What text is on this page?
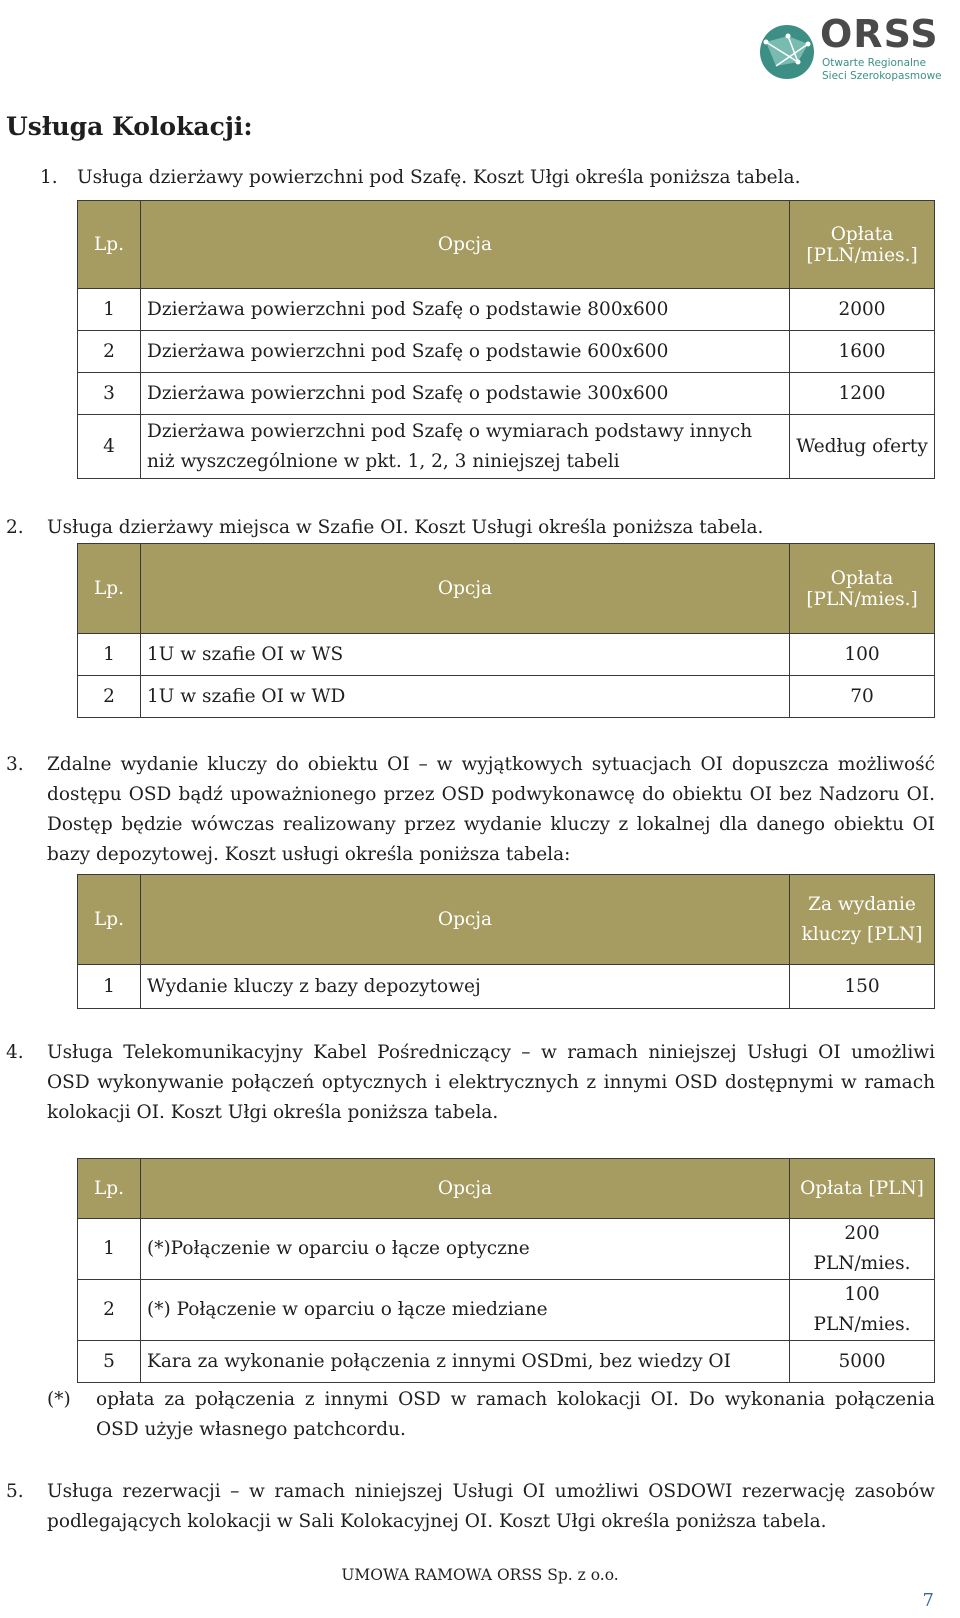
ORSS
Otwarte Regionalne
Sieci Szerokopasmowe
Usługa Kolokacji:
1. Usługa dzierżawy powierzchni pod Szafę. Koszt Ułgi określa poniższa tabela.
Lp.	Opcja	Opłata [PLN/mies.]
1	Dzierżawa powierzchni pod Szafę o podstawie 800x600	2000
2	Dzierżawa powierzchni pod Szafę o podstawie 600x600	1600
3	Dzierżawa powierzchni pod Szafę o podstawie 300x600	1200
4	Dzierżawa powierzchni pod Szafę o wymiarach podstawy innych niż wyszczególnione w pkt. 1, 2, 3 niniejszej tabeli	Według oferty
2. Usługa dzierżawy miejsca w Szafie OI. Koszt Usługi określa poniższa tabela.
Lp.	Opcja	Opłata [PLN/mies.]
1	1U w szafie OI w WS	100
2	1U w szafie OI w WD	70
3. Zdalne wydanie kluczy do obiektu OI – w wyjątkowych sytuacjach OI dopuszcza możliwość dostępu OSD bądź upoważnionego przez OSD podwykonawcę do obiektu OI bez Nadzoru OI. Dostęp będzie wówczas realizowany przez wydanie kluczy z lokalnej dla danego obiektu OI bazy depozytowej. Koszt usługi określa poniższa tabela:
Lp.	Opcja	Za wydanie kluczy [PLN]
1	Wydanie kluczy z bazy depozytowej	150
4. Usługa Telekomunikacyjny Kabel Pośredniczący – w ramach niniejszej Usługi OI umożliwi OSD wykonywanie połączeń optycznych i elektrycznych z innymi OSD dostępnymi w ramach kolokacji OI. Koszt Ułgi określa poniższa tabela.
Lp.	Opcja	Opłata [PLN]
1	(*)Połączenie w oparciu o łącze optyczne	200 PLN/mies.
2	(*) Połączenie w oparciu o łącze miedziane	100 PLN/mies.
5	Kara za wykonanie połączenia z innymi OSDmi, bez wiedzy OI	5000
(*) opłata za połączenia z innymi OSD w ramach kolokacji OI. Do wykonania połączenia OSD użyje własnego patchcordu.
5. Usługa rezerwacji – w ramach niniejszej Usługi OI umożliwi OSDOWI rezerwację zasobów podlegających kolokacji w Sali Kolokacyjnej OI. Koszt Ułgi określa poniższa tabela.
UMOWA RAMOWA ORSS Sp. z o.o.
7
